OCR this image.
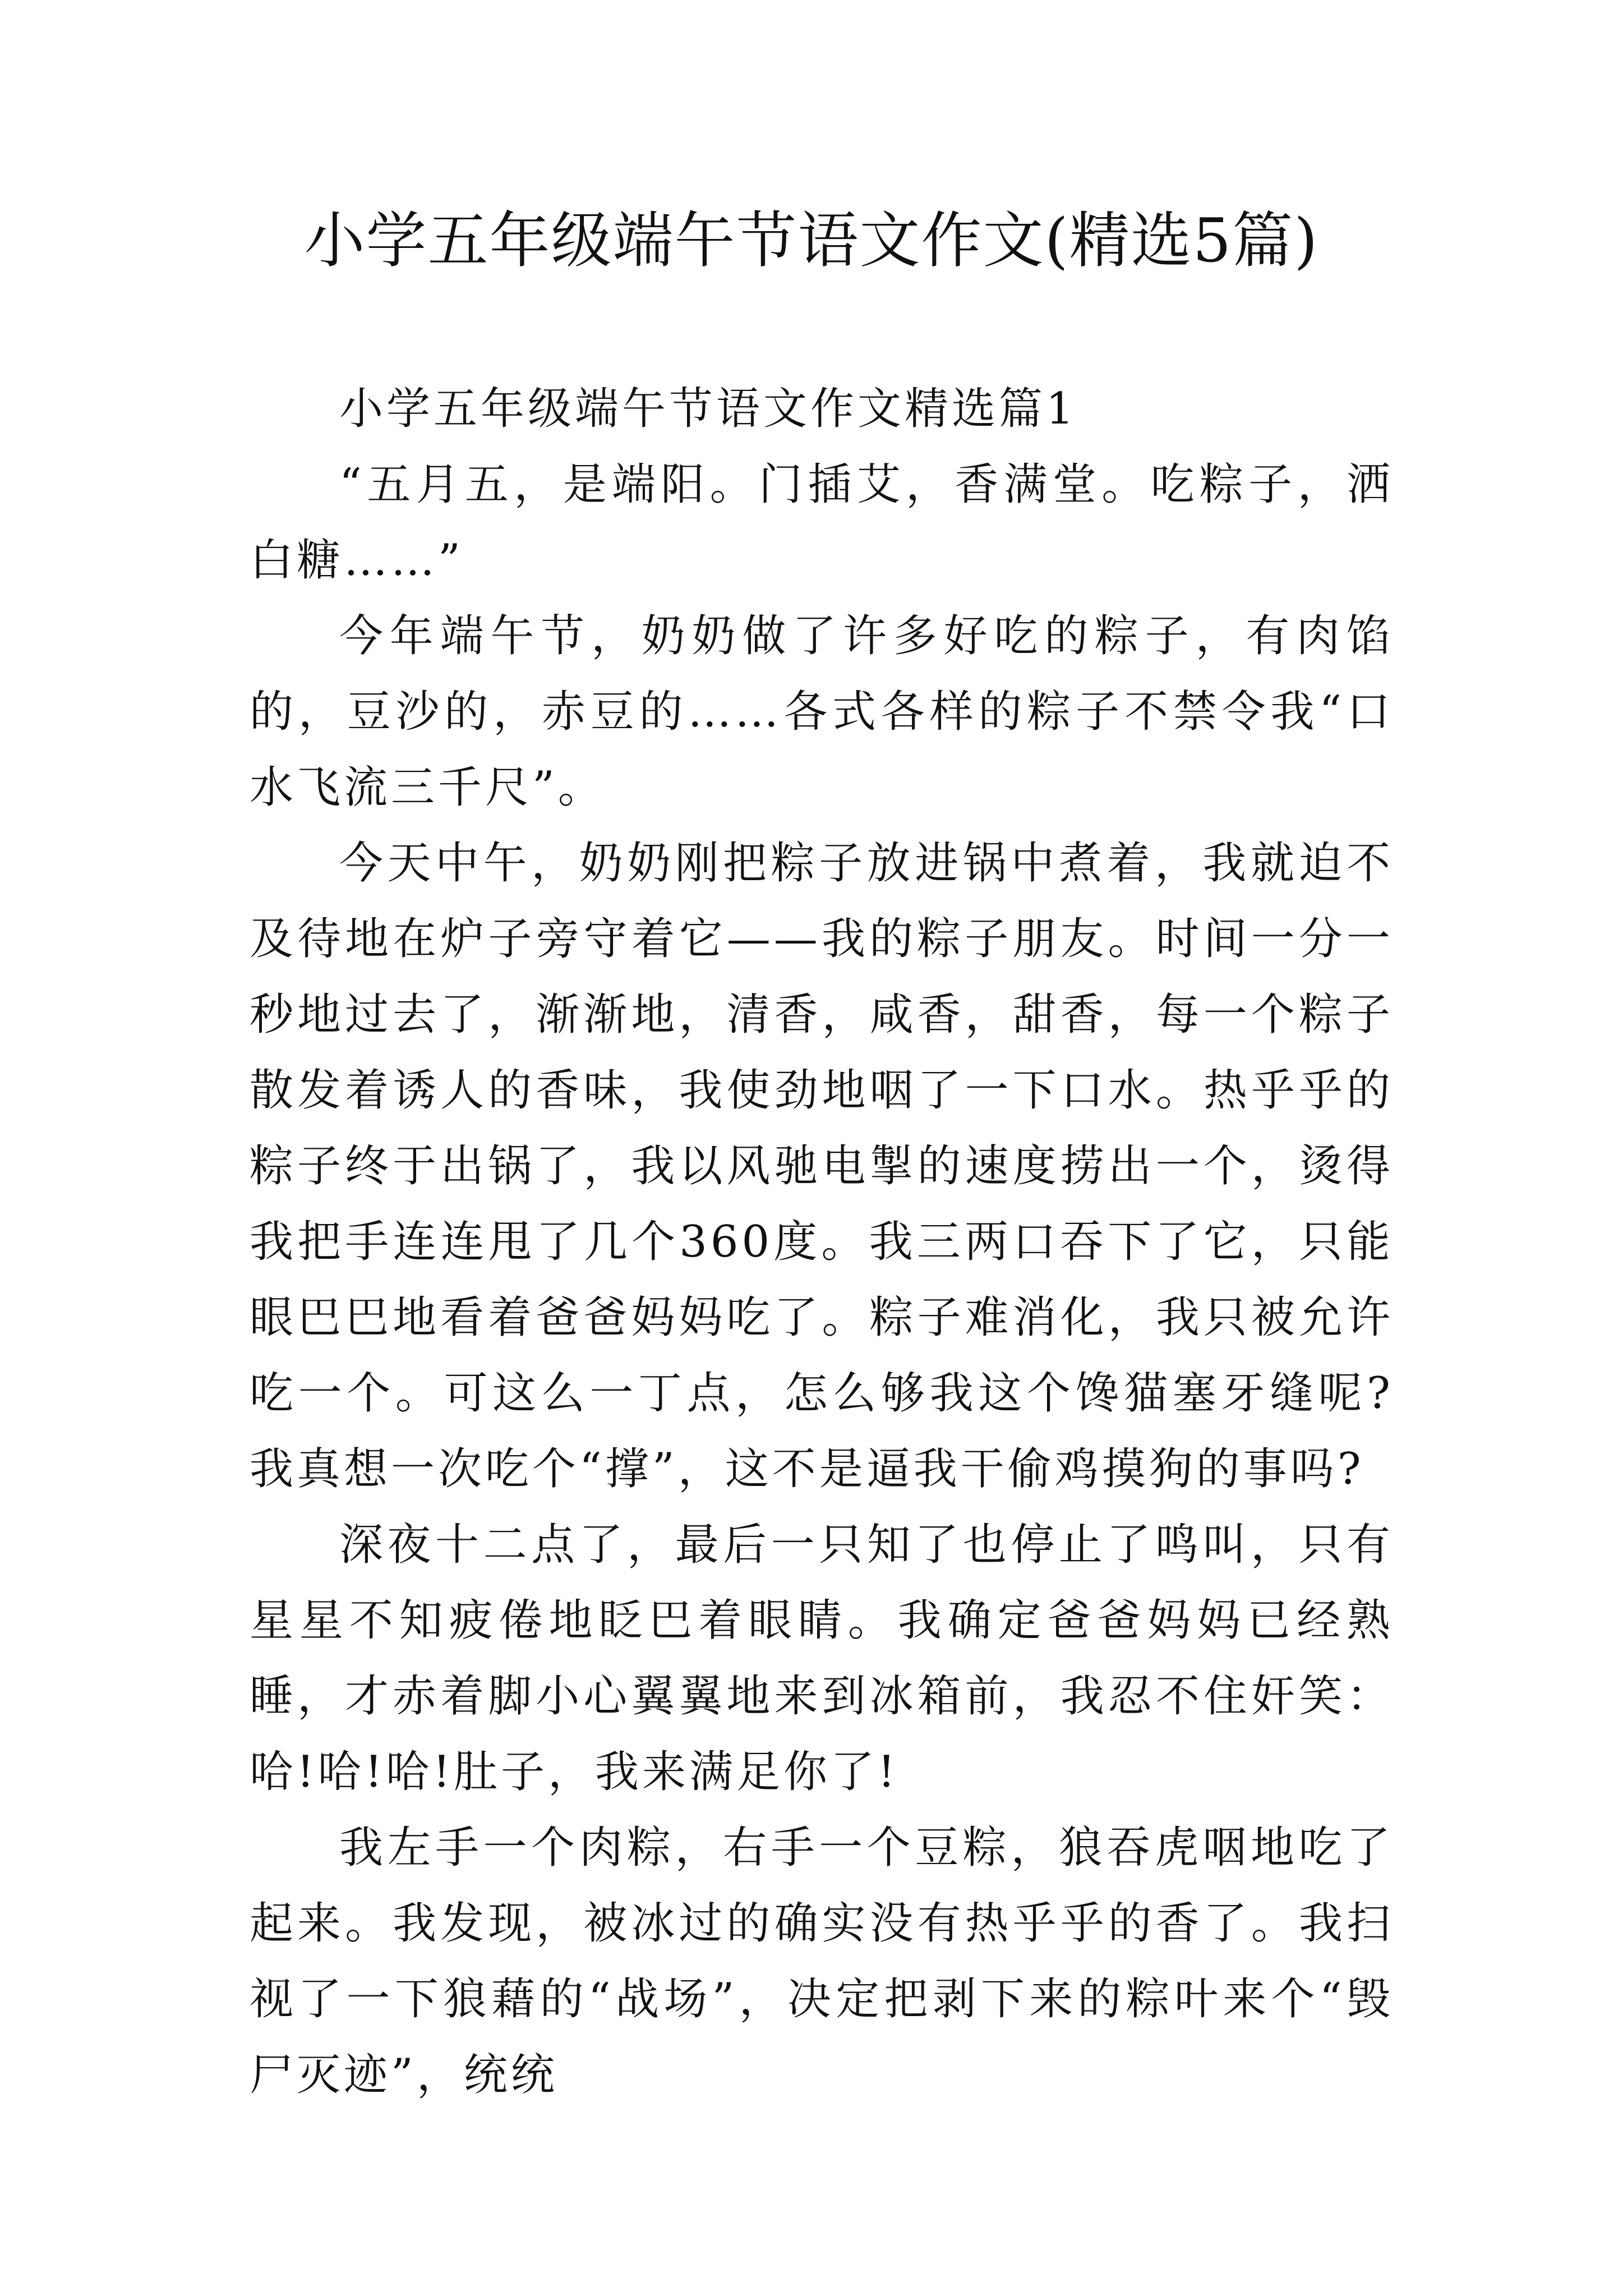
小学五年级端午节语文作文(精选5篇)

小学五年级端午节语文作文精选篇1

“五月五，是端阳。门插艾，香满堂。吃粽子，洒白糖……”

今年端午节，奶奶做了许多好吃的粽子，有肉馅的，豆沙的，赤豆的……各式各样的粽子不禁令我“口水飞流三千尺”。

今天中午，奶奶刚把粽子放进锅中煮着，我就迫不及待地在炉子旁守着它——我的粽子朋友。时间一分一秒地过去了，渐渐地，清香，咸香，甜香，每一个粽子散发着诱人的香味，我使劲地咽了一下口水。热乎乎的粽子终于出锅了，我以风驰电掣的速度捞出一个，烫得我把手连连甩了几个360度。我三两口吞下了它，只能眼巴巴地看着爸爸妈妈吃了。粽子难消化，我只被允许吃一个。可这么一丁点，怎么够我这个馋猫塞牙缝呢?我真想一次吃个“撑”，这不是逼我干偷鸡摸狗的事吗?

深夜十二点了，最后一只知了也停止了鸣叫，只有星星不知疲倦地眨巴着眼睛。我确定爸爸妈妈已经熟睡，才赤着脚小心翼翼地来到冰箱前，我忍不住奸笑：哈!哈!哈!肚子，我来满足你了!

我左手一个肉粽，右手一个豆粽，狼吞虎咽地吃了起来。我发现，被冰过的确实没有热乎乎的香了。我扫视了一下狼藉的“战场”，决定把剥下来的粽叶来个“毁尸灭迹”，统统
